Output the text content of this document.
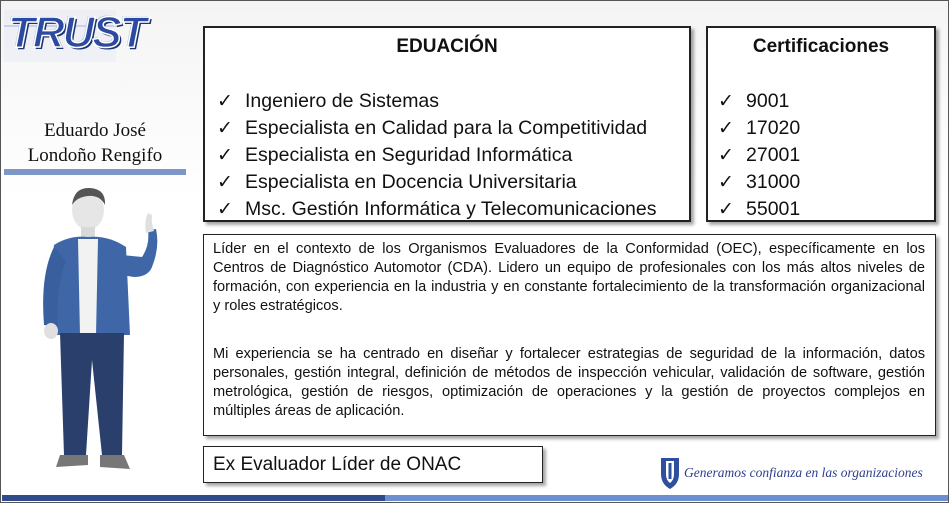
TRUST
Eduardo José
Londoño Rengifo
EDUACIÓN
✓ Ingeniero de Sistemas
✓ Especialista en Calidad para la Competitividad
✓ Especialista en Seguridad Informática
✓ Especialista en Docencia Universitaria
✓ Msc. Gestión Informática y Telecomunicaciones
Certificaciones
✓ 9001
✓ 17020
✓ 27001
✓ 31000
✓ 55001

Líder en el contexto de los Organismos Evaluadores de la Conformidad (OEC), específicamente en los Centros de Diagnóstico Automotor (CDA). Lidero un equipo de profesionales con los más altos niveles de formación, con experiencia en la industria y en constante fortalecimiento de la transformación organizacional y roles estratégicos.

Mi experiencia se ha centrado en diseñar y fortalecer estrategias de seguridad de la información, datos personales, gestión integral, definición de métodos de inspección vehicular, validación de software, gestión metrológica, gestión de riesgos, optimización de operaciones y la gestión de proyectos complejos en múltiples áreas de aplicación.

Ex Evaluador Líder de ONAC	Generamos confianza en las organizaciones
